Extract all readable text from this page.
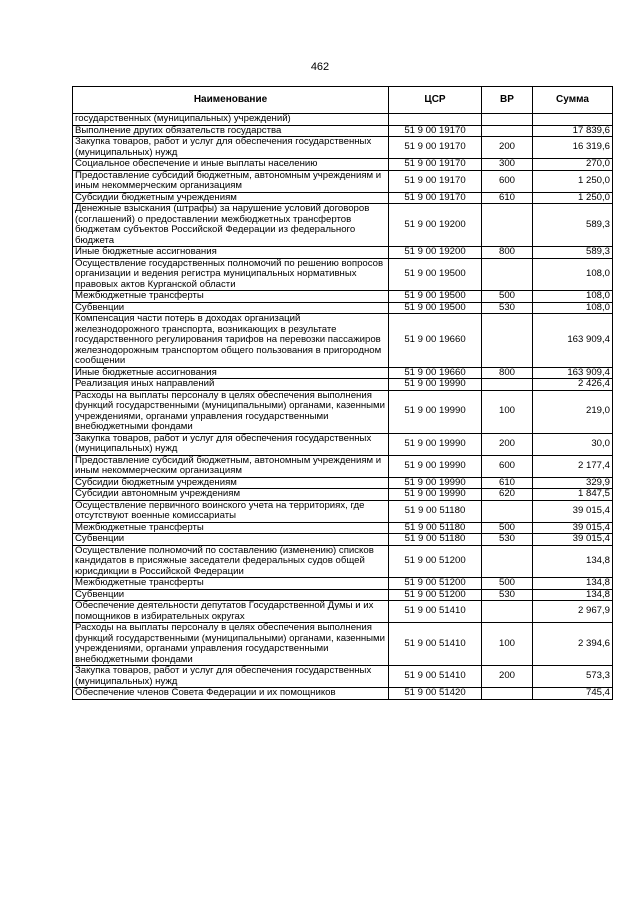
462
Наименование	ЦСР	ВР	Сумма
государственных (муниципальных) учреждений)			
Выполнение других обязательств государства	51 9 00 19170		17 839,6
Закупка товаров, работ и услуг для обеспечения государственных (муниципальных) нужд	51 9 00 19170	200	16 319,6
Социальное обеспечение и иные выплаты населению	51 9 00 19170	300	270,0
Предоставление субсидий бюджетным, автономным учреждениям и иным некоммерческим организациям	51 9 00 19170	600	1 250,0
Субсидии бюджетным учреждениям	51 9 00 19170	610	1 250,0
Денежные взыскания (штрафы) за нарушение условий договоров (соглашений) о предоставлении межбюджетных трансфертов бюджетам субъектов Российской Федерации из федерального бюджета	51 9 00 19200		589,3
Иные бюджетные ассигнования	51 9 00 19200	800	589,3
Осуществление государственных полномочий по решению вопросов организации и ведения регистра муниципальных нормативных правовых актов Курганской области	51 9 00 19500		108,0
Межбюджетные трансферты	51 9 00 19500	500	108,0
Субвенции	51 9 00 19500	530	108,0
Компенсация части потерь в доходах организаций железнодорожного транспорта, возникающих в результате государственного регулирования тарифов на перевозки пассажиров железнодорожным транспортом общего пользования в пригородном сообщении	51 9 00 19660		163 909,4
Иные бюджетные ассигнования	51 9 00 19660	800	163 909,4
Реализация иных направлений	51 9 00 19990		2 426,4
Расходы на выплаты персоналу в целях обеспечения выполнения функций государственными (муниципальными) органами, казенными учреждениями, органами управления государственными внебюджетными фондами	51 9 00 19990	100	219,0
Закупка товаров, работ и услуг для обеспечения государственных (муниципальных) нужд	51 9 00 19990	200	30,0
Предоставление субсидий бюджетным, автономным учреждениям и иным некоммерческим организациям	51 9 00 19990	600	2 177,4
Субсидии бюджетным учреждениям	51 9 00 19990	610	329,9
Субсидии автономным учреждениям	51 9 00 19990	620	1 847,5
Осуществление первичного воинского учета на территориях, где отсутствуют военные комиссариаты	51 9 00 51180		39 015,4
Межбюджетные трансферты	51 9 00 51180	500	39 015,4
Субвенции	51 9 00 51180	530	39 015,4
Осуществление полномочий по составлению (изменению) списков кандидатов в присяжные заседатели федеральных судов общей юрисдикции в Российской Федерации	51 9 00 51200		134,8
Межбюджетные трансферты	51 9 00 51200	500	134,8
Субвенции	51 9 00 51200	530	134,8
Обеспечение деятельности депутатов Государственной Думы и их помощников в избирательных округах	51 9 00 51410		2 967,9
Расходы на выплаты персоналу в целях обеспечения выполнения функций государственными (муниципальными) органами, казенными учреждениями, органами управления государственными внебюджетными фондами	51 9 00 51410	100	2 394,6
Закупка товаров, работ и услуг для обеспечения государственных (муниципальных) нужд	51 9 00 51410	200	573,3
Обеспечение членов Совета Федерации и их помощников	51 9 00 51420		745,4
